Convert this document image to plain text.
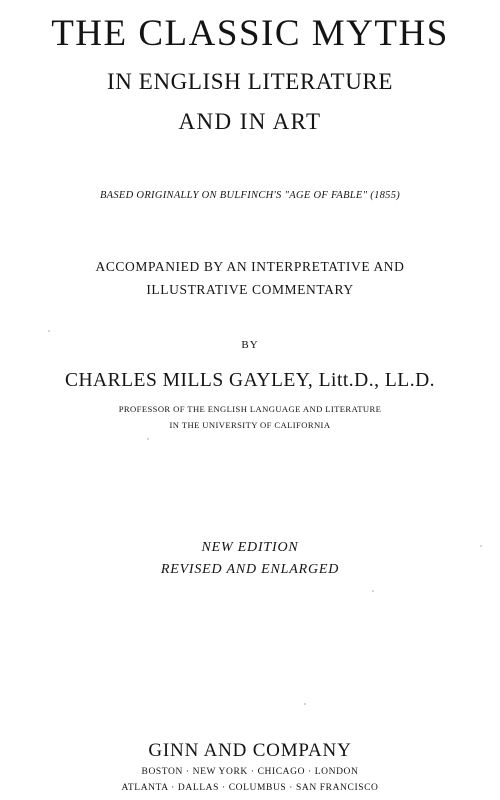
THE CLASSIC MYTHS
IN ENGLISH LITERATURE
AND IN ART
BASED ORIGINALLY ON BULFINCH'S "AGE OF FABLE" (1855)
ACCOMPANIED BY AN INTERPRETATIVE AND
ILLUSTRATIVE COMMENTARY
BY
CHARLES MILLS GAYLEY, Litt.D., LL.D.
PROFESSOR OF THE ENGLISH LANGUAGE AND LITERATURE
IN THE UNIVERSITY OF CALIFORNIA
NEW EDITION
REVISED AND ENLARGED
GINN AND COMPANY
BOSTON · NEW YORK · CHICAGO · LONDON
ATLANTA · DALLAS · COLUMBUS · SAN FRANCISCO
